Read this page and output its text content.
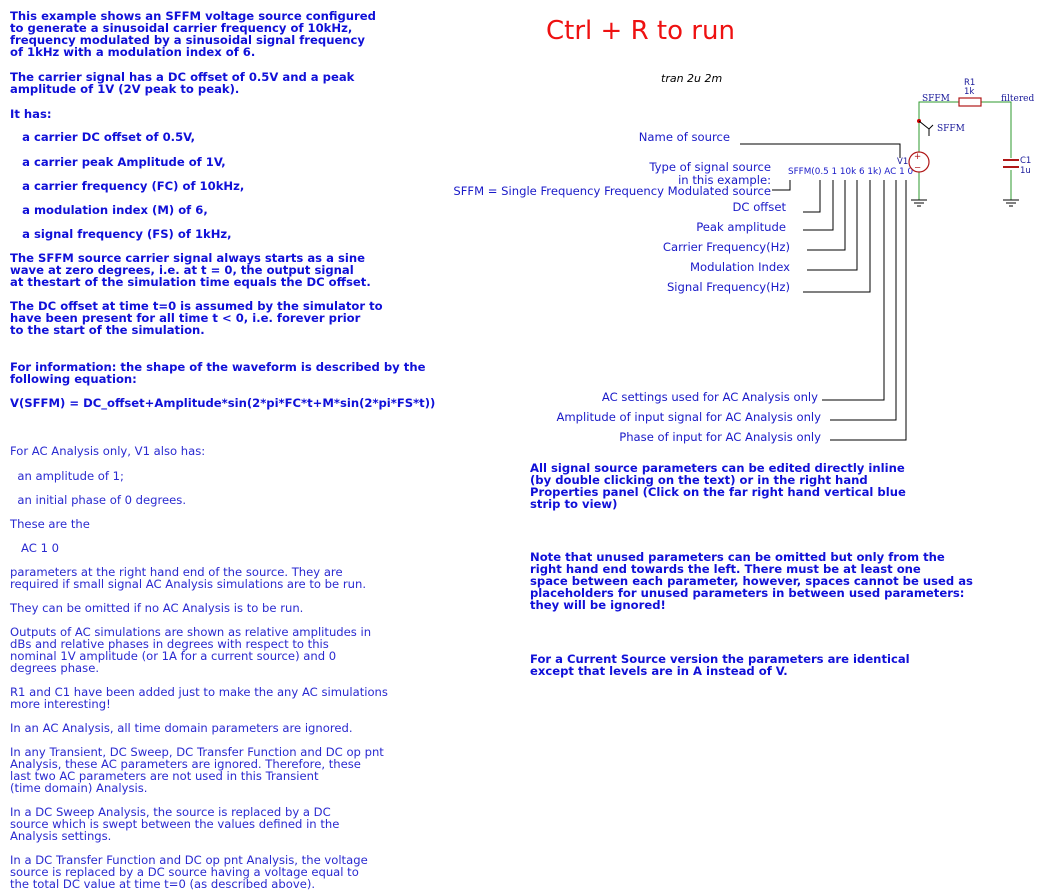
Ctrl + R to run
tran 2u 2m
This example shows an SFFM voltage source configured
to generate a sinusoidal carrier frequency of 10kHz,
frequency modulated by a sinusoidal signal frequency
of 1kHz with a modulation index of 6.
The carrier signal has a DC offset of 0.5V and a peak
amplitude of 1V (2V peak to peak).
It has:
a carrier DC offset of 0.5V,
a carrier peak Amplitude of 1V,
a carrier frequency (FC) of 10kHz,
a modulation index (M) of 6,
a signal frequency (FS) of 1kHz,
The SFFM source carrier signal always starts as a sine
wave at zero degrees, i.e. at t = 0, the output signal
at thestart of the simulation time equals the DC offset.
The DC offset at time t=0 is assumed by the simulator to
have been present for all time t < 0, i.e. forever prior
to the start of the simulation.
For information: the shape of the waveform is described by the
following equation:
V(SFFM) = DC_offset+Amplitude*sin(2*pi*FC*t+M*sin(2*pi*FS*t))
For AC Analysis only, V1 also has:
an amplitude of 1;
an initial phase of 0 degrees.
These are the
AC 1 0
parameters at the right hand end of the source. They are
required if small signal AC Analysis simulations are to be run.
They can be omitted if no AC Analysis is to be run.
Outputs of AC simulations are shown as relative amplitudes in
dBs and relative phases in degrees with respect to this
nominal 1V amplitude (or 1A for a current source) and 0
degrees phase.
R1 and C1 have been added just to make the any AC simulations
more interesting!
In an AC Analysis, all time domain parameters are ignored.
In any Transient, DC Sweep, DC Transfer Function and DC op pnt
Analysis, these AC parameters are ignored. Therefore, these
last two AC parameters are not used in this Transient
(time domain) Analysis.
In a DC Sweep Analysis, the source is replaced by a DC
source which is swept between the values defined in the
Analysis settings.
In a DC Transfer Function and DC op pnt Analysis, the voltage
source is replaced by a DC source having a voltage equal to
the total DC value at time t=0 (as described above).
All signal source parameters can be edited directly inline
(by double clicking on the text) or in the right hand
Properties panel (Click on the far right hand vertical blue
strip to view)
Note that unused parameters can be omitted but only from the
right hand end towards the left. There must be at least one
space between each parameter, however, spaces cannot be used as
placeholders for unused parameters in between used parameters:
they will be ignored!
For a Current Source version the parameters are identical
except that levels are in A instead of V.
Name of source
Type of signal source
in this example:
SFFM = Single Frequency Frequency Modulated source
DC offset
Peak amplitude
Carrier Frequency(Hz)
Modulation Index
Signal Frequency(Hz)
AC settings used for AC Analysis only
Amplitude of input signal for AC Analysis only
Phase of input for AC Analysis only
SFFM(0.5 1 10k 6 1k) AC 1 0
+
−
V1
R1
1k
C1
1u
SFFM	filtered
SFFM
